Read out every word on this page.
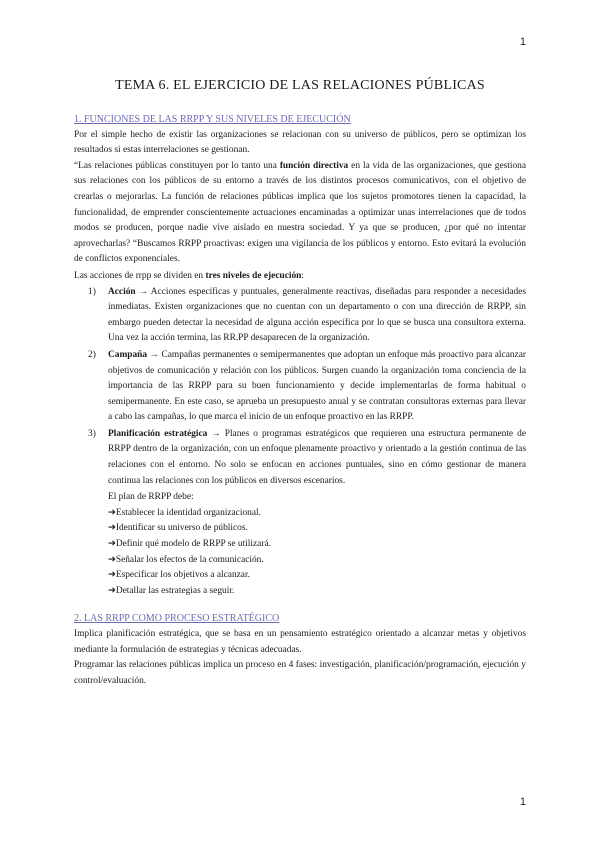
1
TEMA 6. EL EJERCICIO DE LAS RELACIONES PÚBLICAS
1. FUNCIONES DE LAS RRPP Y SUS NIVELES DE EJECUCIÓN

Por el simple hecho de existir las organizaciones se relacionan con su universo de públicos, pero se optimizan los resultados si estas interrelaciones se gestionan.

“Las relaciones públicas constituyen por lo tanto una función directiva en la vida de las organizaciones, que gestiona sus relaciones con los públicos de su entorno a través de los distintos procesos comunicativos, con el objetivo de crearlas o mejorarlas. La función de relaciones públicas implica que los sujetos promotores tienen la capacidad, la funcionalidad, de emprender conscientemente actuaciones encaminadas a optimizar unas interrelaciones que de todos modos se producen, porque nadie vive aislado en nuestra sociedad. Y ya que se producen, ¿por qué no intentar aprovecharlas? “Buscamos RRPP proactivas: exigen una vigilancia de los públicos y entorno. Esto evitará la evolución de conflictos exponenciales.

Las acciones de rrpp se dividen en tres niveles de ejecución:

1) Acción → Acciones específicas y puntuales, generalmente reactivas, diseñadas para responder a necesidades inmediatas. Existen organizaciones que no cuentan con un departamento o con una dirección de RRPP, sin embargo pueden detectar la necesidad de alguna acción específica por lo que se busca una consultora externa. Una vez la acción termina, las RR.PP desaparecen de la organización.
2) Campaña → Campañas permanentes o semipermanentes que adoptan un enfoque más proactivo para alcanzar objetivos de comunicación y relación con los públicos. Surgen cuando la organización toma conciencia de la importancia de las RRPP para su buen funcionamiento y decide implementarlas de forma habitual o semipermanente. En este caso, se aprueba un presupuesto anual y se contratan consultoras externas para llevar a cabo las campañas, lo que marca el inicio de un enfoque proactivo en las RRPP.
3) Planificación estratégica → Planes o programas estratégicos que requieren una estructura permanente de RRPP dentro de la organización, con un enfoque plenamente proactivo y orientado a la gestión continua de las relaciones con el entorno. No solo se enfocan en acciones puntuales, sino en cómo gestionar de manera continua las relaciones con los públicos en diversos escenarios.
El plan de RRPP debe:
➔Establecer la identidad organizacional.
➔Identificar su universo de públicos.
➔Definir qué modelo de RRPP se utilizará.
➔Señalar los efectos de la comunicación.
➔Especificar los objetivos a alcanzar.
➔Detallar las estrategias a seguir.
2. LAS RRPP COMO PROCESO ESTRATÉGICO

Implica planificación estratégica, que se basa en un pensamiento estratégico orientado a alcanzar metas y objetivos mediante la formulación de estrategias y técnicas adecuadas.

Programar las relaciones públicas implica un proceso en 4 fases: investigación, planificación/programación, ejecución y control/evaluación.

1
